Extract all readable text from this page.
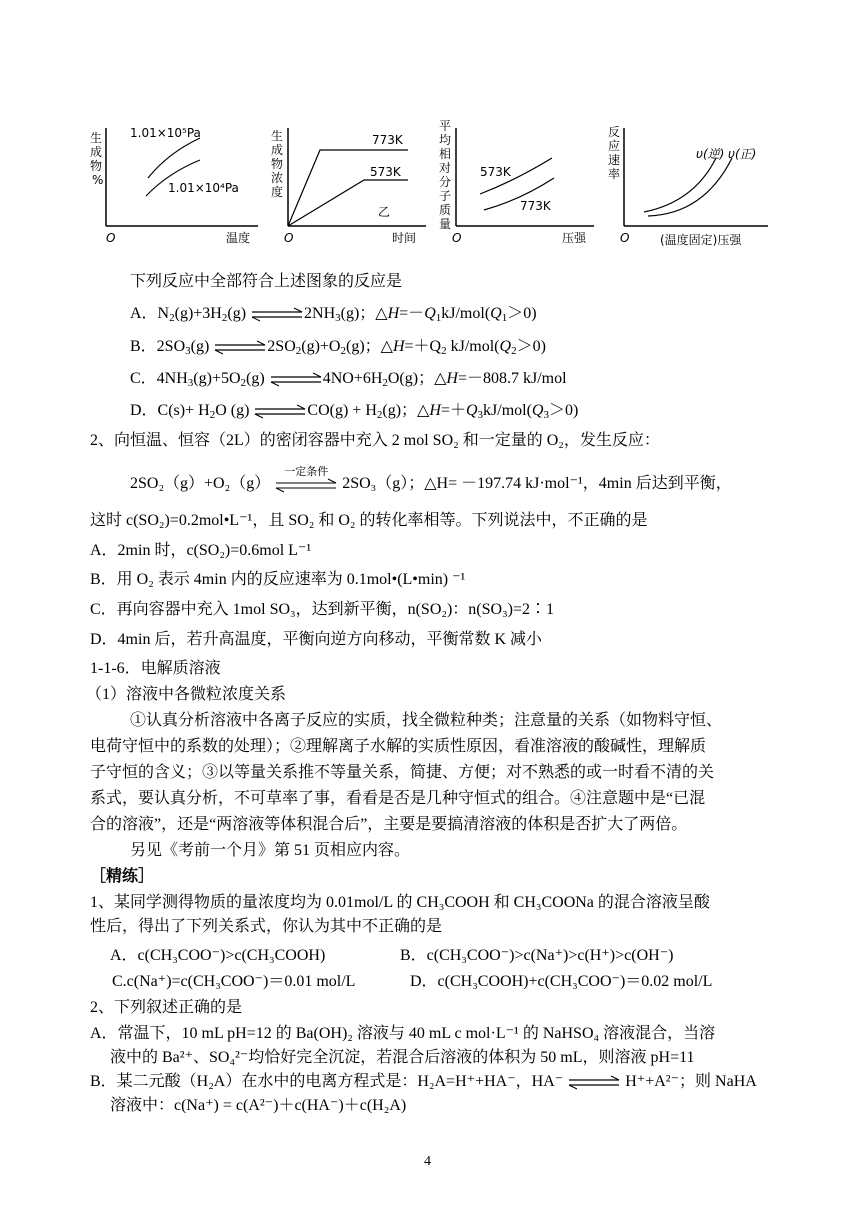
生
成
物
%
1.01×10⁵Pa
1.01×10⁴Pa
O	温度
生
成
物
浓
度
773K
573K
乙
O	时间
平
均
相
对
分
子
质
量
573K
773K
O	压强
反
应
速
率
υ(逆) υ(正)
O	(温度固定)压强
下列反应中全部符合上述图象的反应是
A．$N_2(g)+3H_2(g)$ $\rightleftharpoons 2NH_3(g)$；$\triangle H=-Q_1kJ/mol(Q_1>0)$
B．$2SO_3(g)$ $\rightleftharpoons 2SO_2(g)+O_2(g)$；$\triangle H=+Q_2$ $kJ/mol(Q_2>0)$
C．$4NH_3(g)+5O_2(g)$ $\rightleftharpoons 4NO+6H_2O(g)$；△H=－808.7 kJ/mol
D．$C(s)+ H_2O$ (g) ⇌CO(g) + $H_2(g)$；$\triangle H=+Q_3kJ/mol(Q_3>0)$
2、向恒温、恒容（2L）的密闭容器中充入 2 mol SO₂ 和一定量的 O₂，发生反应：
2SO₂（g）+O₂（g）
一定条件
2SO₃（g）；△H= －197.74 kJ·mol⁻¹，4min 后达到平衡，
这时 c(SO₂)=0.2mol•L⁻¹，且 SO₂ 和 O₂ 的转化率相等。下列说法中，不正确的是
A．2min 时，c(SO₂)=0.6mol L⁻¹
B．用 O₂ 表示 4min 内的反应速率为 0.1mol•(L•min) ⁻¹
C．再向容器中充入 1mol SO₃，达到新平衡，n(SO₂)：n(SO₃)=2∶1
D．4min 后，若升高温度，平衡向逆方向移动，平衡常数 K 减小
1-1-6．电解质溶液
（1）溶液中各微粒浓度关系
①认真分析溶液中各离子反应的实质，找全微粒种类；注意量的关系（如物料守恒、
电荷守恒中的系数的处理）；②理解离子水解的实质性原因，看准溶液的酸碱性，理解质
子守恒的含义；③以等量关系推不等量关系，简捷、方便；对不熟悉的或一时看不清的关
系式，要认真分析，不可草率了事，看看是否是几种守恒式的组合。④注意题中是“已混
合的溶液”，还是“两溶液等体积混合后”，主要是要搞清溶液的体积是否扩大了两倍。
另见《考前一个月》第 51 页相应内容。
［精练］
1、某同学测得物质的量浓度均为 0.01mol/L 的 CH₃COOH 和 CH₃COONa 的混合溶液呈酸
性后，得出了下列关系式，你认为其中不正确的是
A．c(CH₃COO⁻)>c(CH₃COOH)	B．c(CH₃COO⁻)>c(Na⁺)>c(H⁺)>c(OH⁻)
C.c(Na⁺)=c(CH₃COO⁻)＝0.01 mol/L	D．c(CH₃COOH)+c(CH₃COO⁻)＝0.02 mol/L
2、下列叙述正确的是
A．常温下，10 mL pH=12 的 Ba(OH)₂ 溶液与 40 mL c mol·L⁻¹ 的 NaHSO₄ 溶液混合，当溶
液中的 Ba²⁺、SO₄²⁻均恰好完全沉淀，若混合后溶液的体积为 50 mL，则溶液 pH=11
B．某二元酸（H₂A）在水中的电离方程式是：H₂A=H⁺+HA⁻，HA⁻ ⇌ H⁺+A²⁻；则 NaHA
溶液中：c(Na⁺) = c(A²⁻)＋c(HA⁻)＋c(H₂A)
4
